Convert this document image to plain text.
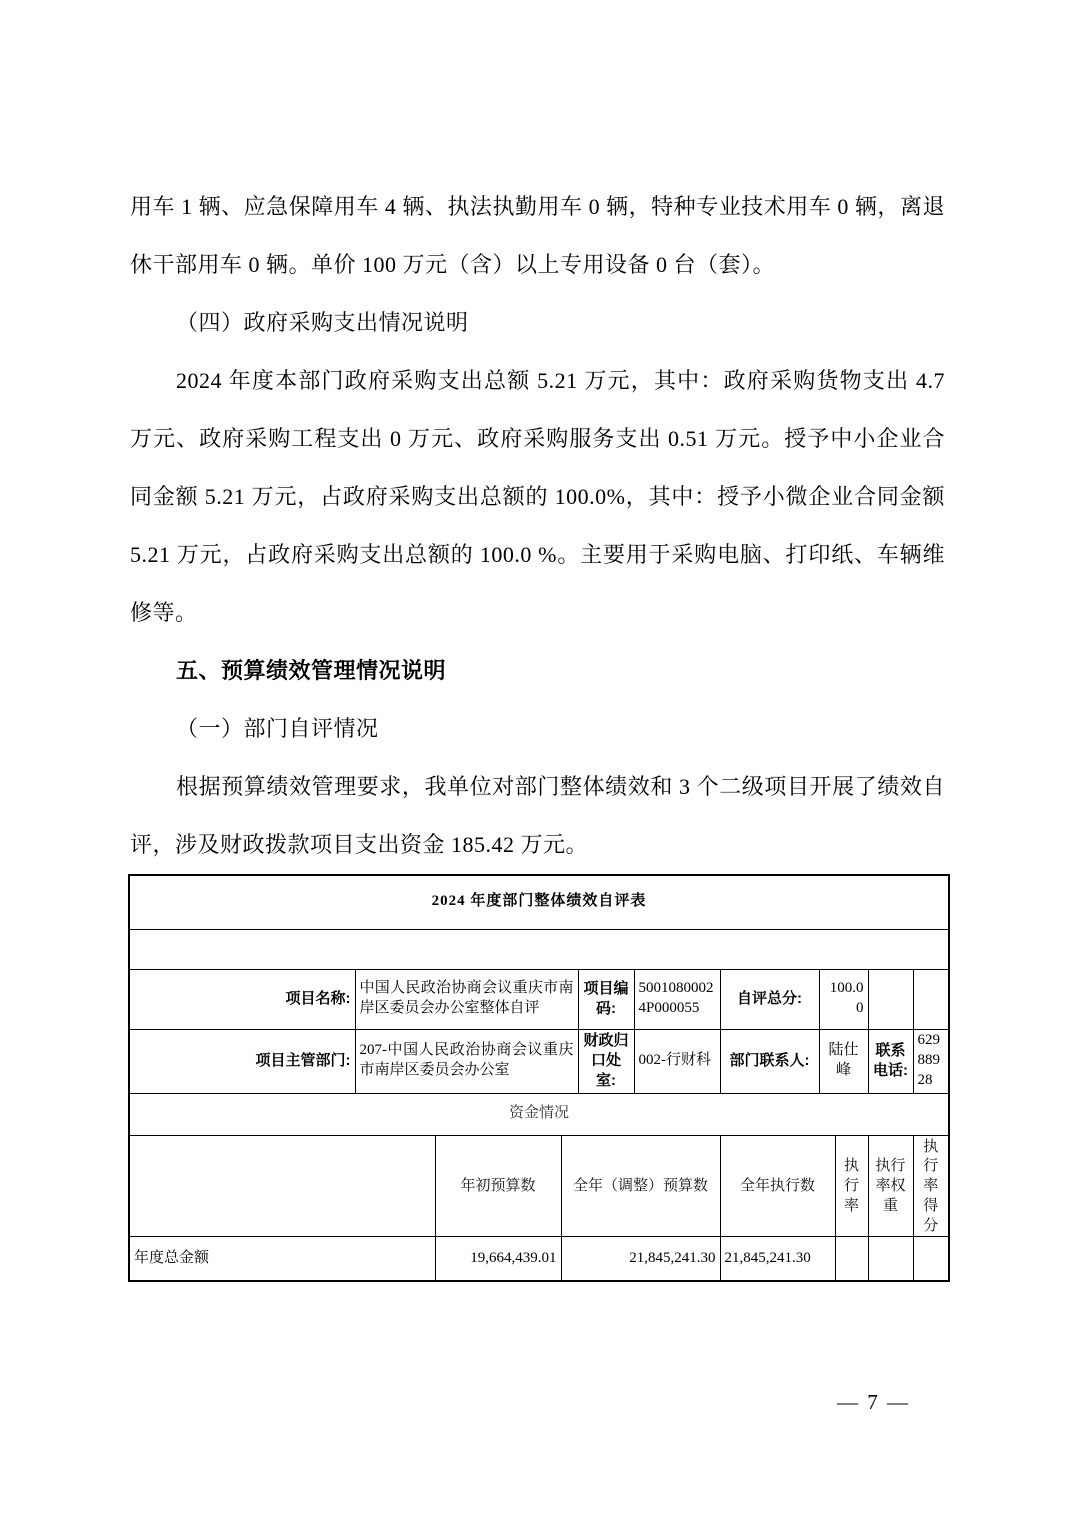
用车 1 辆、应急保障用车 4 辆、执法执勤用车 0 辆，特种专业技术用车 0 辆，离退休干部用车 0 辆。单价 100 万元（含）以上专用设备 0 台（套）。

（四）政府采购支出情况说明

2024 年度本部门政府采购支出总额 5.21 万元，其中：政府采购货物支出 4.7 万元、政府采购工程支出 0 万元、政府采购服务支出 0.51 万元。授予中小企业合同金额 5.21 万元，占政府采购支出总额的 100.0%，其中：授予小微企业合同金额 5.21 万元，占政府采购支出总额的 100.0 %。主要用于采购电脑、打印纸、车辆维修等。

五、预算绩效管理情况说明

（一）部门自评情况

根据预算绩效管理要求，我单位对部门整体绩效和 3 个二级项目开展了绩效自评，涉及财政拨款项目支出资金 185.42 万元。

2024 年度部门整体绩效自评表										

项目名称:	中国人民政治协商会议重庆市南岸区委员会办公室整体自评			项目编码:	50010800024P000055	自评总分:	100.00			
项目主管部门:	207-中国人民政治协商会议重庆市南岸区委员会办公室			财政归口处室:	002-行财科	部门联系人:	陆仕峰		联系电话:	62988928
资金情况										
		年初预算数	全年（调整）预算数			全年执行数		执行率	执行率权重	执行率得分
年度总金额		19,664,439.01	21,845,241.30			21,845,241.30				
— 7 —
